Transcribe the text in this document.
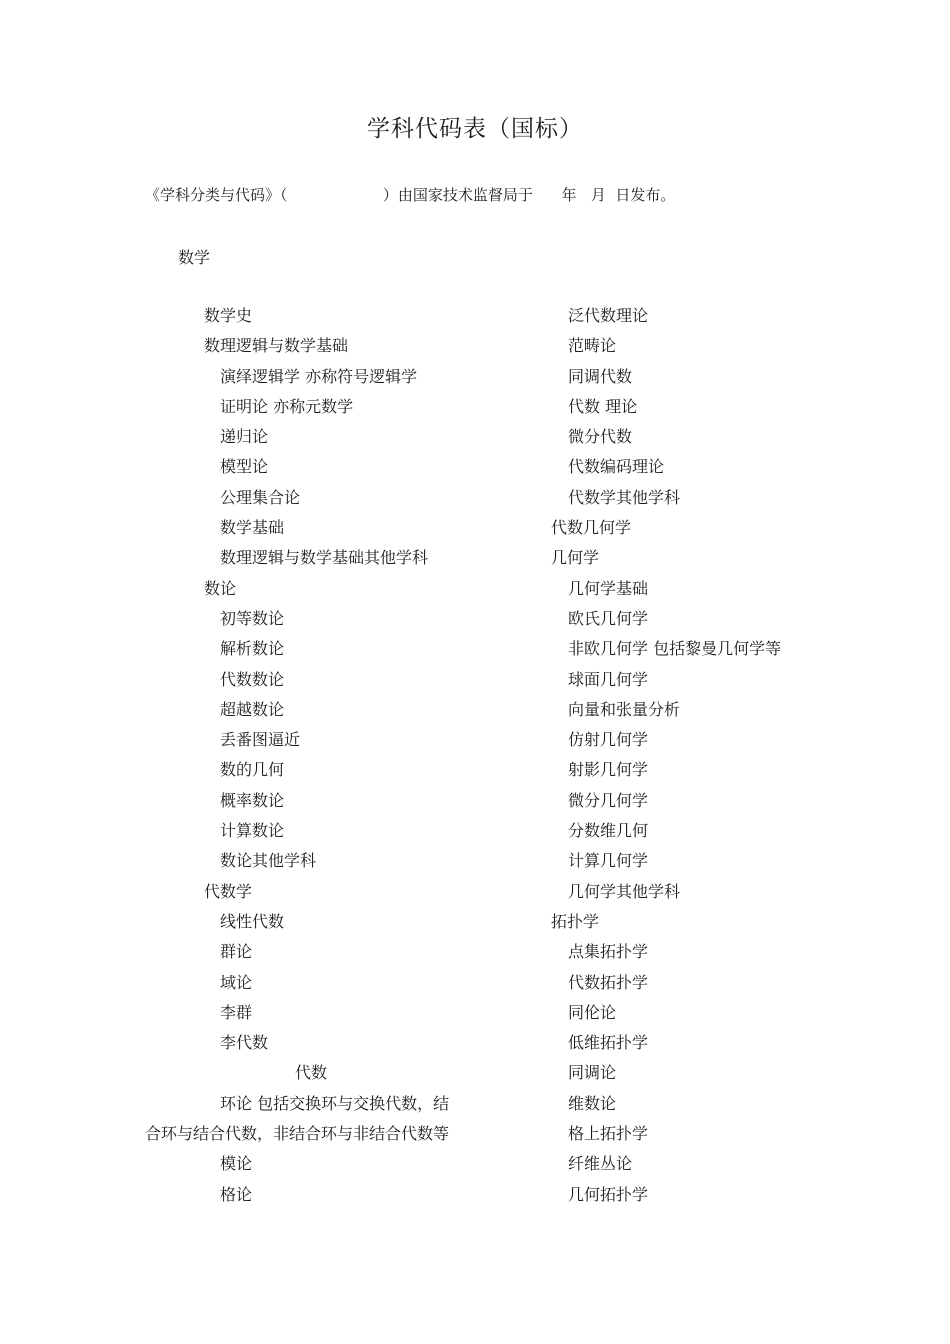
学科代码表（国标）
《学科分类与代码》（	）由国家技术监督局于 年 月 日发布。
数学
数学史
数理逻辑与数学基础
演绎逻辑学 亦称符号逻辑学
证明论 亦称元数学
递归论
模型论
公理集合论
数学基础
数理逻辑与数学基础其他学科
数论
初等数论
解析数论
代数数论
超越数论
丢番图逼近
数的几何
概率数论
计算数论
数论其他学科
代数学
线性代数
群论
域论
李群
李代数
代数
环论 包括交换环与交换代数，结
合环与结合代数，非结合环与非结合代数等
模论
格论
泛代数理论
范畴论
同调代数
代数 理论
微分代数
代数编码理论
代数学其他学科
代数几何学
几何学
几何学基础
欧氏几何学
非欧几何学 包括黎曼几何学等
球面几何学
向量和张量分析
仿射几何学
射影几何学
微分几何学
分数维几何
计算几何学
几何学其他学科
拓扑学
点集拓扑学
代数拓扑学
同伦论
低维拓扑学
同调论
维数论
格上拓扑学
纤维丛论
几何拓扑学
